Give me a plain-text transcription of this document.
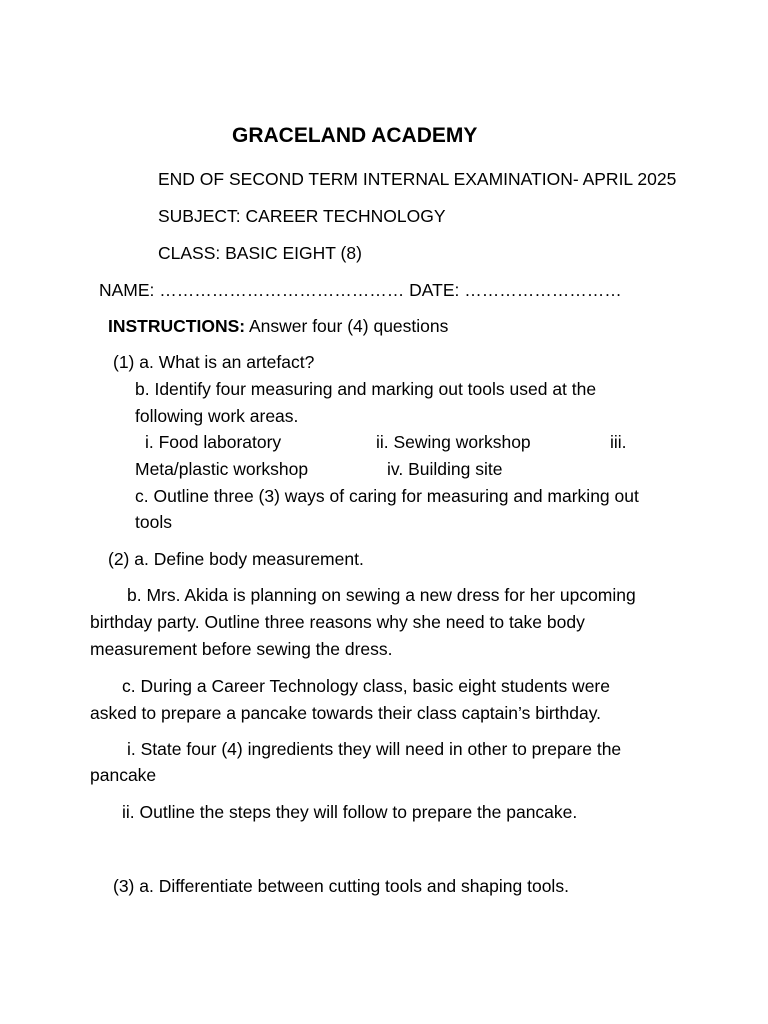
GRACELAND ACADEMY
END OF SECOND TERM INTERNAL EXAMINATION- APRIL 2025
SUBJECT: CAREER TECHNOLOGY
CLASS: BASIC EIGHT (8)
NAME: …………………………………… DATE: ………………………
INSTRUCTIONS: Answer four (4) questions
(1) a. What is an artefact?
b. Identify four measuring and marking out tools used at the
following work areas.
i. Food laboratory	ii. Sewing workshop	iii.
Meta/plastic workshop	iv. Building site
c. Outline three (3) ways of caring for measuring and marking out
tools
(2) a. Define body measurement.
b. Mrs. Akida is planning on sewing a new dress for her upcoming
birthday party. Outline three reasons why she need to take body
measurement before sewing the dress.
c. During a Career Technology class, basic eight students were
asked to prepare a pancake towards their class captain’s birthday.
i. State four (4) ingredients they will need in other to prepare the
pancake
ii. Outline the steps they will follow to prepare the pancake.
(3) a. Differentiate between cutting tools and shaping tools.
